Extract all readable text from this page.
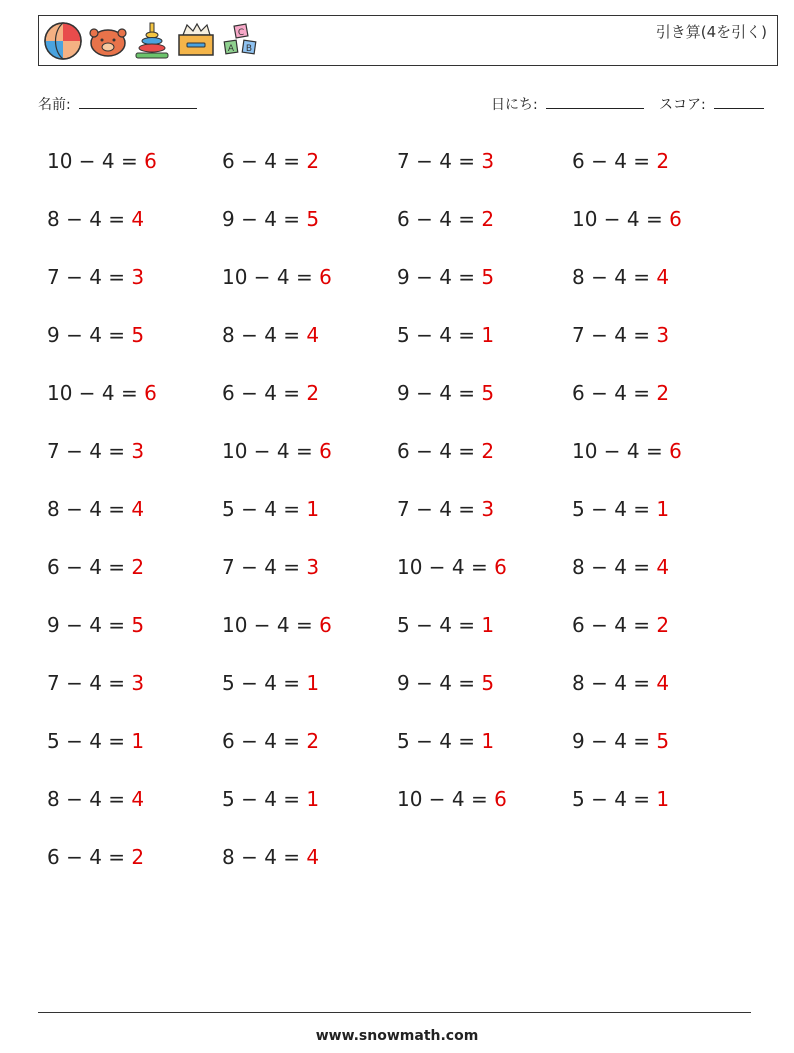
C
A B
引き算(4を引く)
名前:	日にち:	スコア:
10 − 4 = 6
8 − 4 = 4
7 − 4 = 3
9 − 4 = 5
10 − 4 = 6
7 − 4 = 3
8 − 4 = 4
6 − 4 = 2
9 − 4 = 5
7 − 4 = 3
5 − 4 = 1
8 − 4 = 4
6 − 4 = 2
6 − 4 = 2
9 − 4 = 5
10 − 4 = 6
8 − 4 = 4
6 − 4 = 2
10 − 4 = 6
5 − 4 = 1
7 − 4 = 3
10 − 4 = 6
5 − 4 = 1
6 − 4 = 2
5 − 4 = 1
8 − 4 = 4
7 − 4 = 3
6 − 4 = 2
9 − 4 = 5
5 − 4 = 1
9 − 4 = 5
6 − 4 = 2
7 − 4 = 3
10 − 4 = 6
5 − 4 = 1
9 − 4 = 5
5 − 4 = 1
10 − 4 = 6
6 − 4 = 2
10 − 4 = 6
8 − 4 = 4
7 − 4 = 3
6 − 4 = 2
10 − 4 = 6
5 − 4 = 1
8 − 4 = 4
6 − 4 = 2
8 − 4 = 4
9 − 4 = 5
5 − 4 = 1
www.snowmath.com
